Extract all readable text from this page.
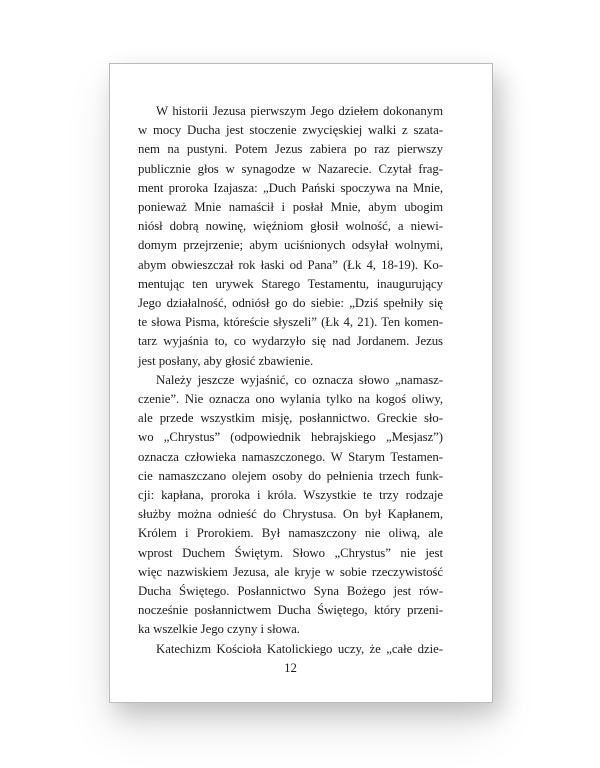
W historii Jezusa pierwszym Jego dziełem dokonanym
w mocy Ducha jest stoczenie zwycięskiej walki z szata-
nem na pustyni. Potem Jezus zabiera po raz pierwszy
publicznie głos w synagodze w Nazarecie. Czytał frag-
ment proroka Izajasza: „Duch Pański spoczywa na Mnie,
ponieważ Mnie namaścił i posłał Mnie, abym ubogim
niósł dobrą nowinę, więźniom głosił wolność, a niewi-
domym przejrzenie; abym uciśnionych odsyłał wolnymi,
abym obwieszczał rok łaski od Pana” (Łk 4, 18-19). Ko-
mentując ten urywek Starego Testamentu, inaugurujący
Jego działalność, odniósł go do siebie: „Dziś spełniły się
te słowa Pisma, któreście słyszeli” (Łk 4, 21). Ten komen-
tarz wyjaśnia to, co wydarzyło się nad Jordanem. Jezus
jest posłany, aby głosić zbawienie.
Należy jeszcze wyjaśnić, co oznacza słowo „namasz-
czenie”. Nie oznacza ono wylania tylko na kogoś oliwy,
ale przede wszystkim misję, posłannictwo. Greckie sło-
wo „Chrystus” (odpowiednik hebrajskiego „Mesjasz”)
oznacza człowieka namaszczonego. W Starym Testamen-
cie namaszczano olejem osoby do pełnienia trzech funk-
cji: kapłana, proroka i króla. Wszystkie te trzy rodzaje
służby można odnieść do Chrystusa. On był Kapłanem,
Królem i Prorokiem. Był namaszczony nie oliwą, ale
wprost Duchem Świętym. Słowo „Chrystus” nie jest
więc nazwiskiem Jezusa, ale kryje w sobie rzeczywistość
Ducha Świętego. Posłannictwo Syna Bożego jest rów-
nocześnie posłannictwem Ducha Świętego, który przeni-
ka wszelkie Jego czyny i słowa.
Katechizm Kościoła Katolickiego uczy, że „całe dzie-
12
